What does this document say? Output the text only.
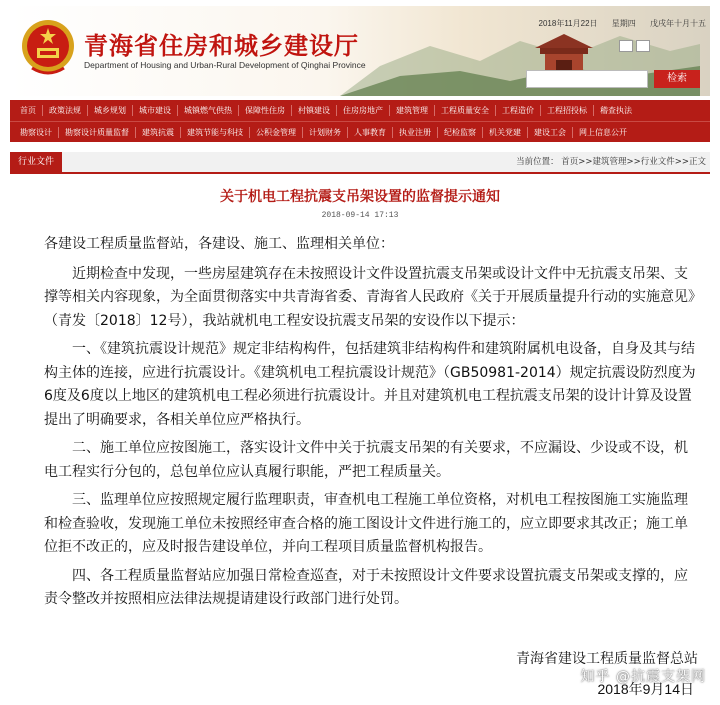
青海省住房和城乡建设厅
Department of Housing and Urban-Rural Development of Qinghai Province
2018年11月22日 星期四 戊戌年十月十五
检索
首页	政策法规	城乡规划	城市建设	城镇燃气供热	保障性住房	村镇建设	住房房地产	建筑管理	工程质量安全	工程造价	工程招投标	稽查执法
勘察设计	勘察设计质量监督	建筑抗震	建筑节能与科技	公积金管理	计划财务	人事教育	执业注册	纪检监察	机关党建	建设工会	网上信息公开
行业文件	当前位置： 首页>>建筑管理>>行业文件>>正文
关于机电工程抗震支吊架设置的监督提示通知
2018-09-14 17:13

各建设工程质量监督站，各建设、施工、监理相关单位：

近期检查中发现，一些房屋建筑存在未按照设计文件设置抗震支吊架或设计文件中无抗震支吊架、支撑等相关内容现象，为全面贯彻落实中共青海省委、青海省人民政府《关于开展质量提升行动的实施意见》（青发〔2018〕12号），我站就机电工程安设抗震支吊架的安设作以下提示：

一、《建筑抗震设计规范》规定非结构构件，包括建筑非结构构件和建筑附属机电设备，自身及其与结构主体的连接，应进行抗震设计。《建筑机电工程抗震设计规范》（GB50981-2014）规定抗震设防烈度为6度及6度以上地区的建筑机电工程必须进行抗震设计。并且对建筑机电工程抗震支吊架的设计计算及设置提出了明确要求，各相关单位应严格执行。

二、施工单位应按图施工，落实设计文件中关于抗震支吊架的有关要求，不应漏设、少设或不设，机电工程实行分包的，总包单位应认真履行职能，严把工程质量关。

三、监理单位应按照规定履行监理职责，审查机电工程施工单位资格，对机电工程按图施工实施监理和检查验收，发现施工单位未按照经审查合格的施工图设计文件进行施工的，应立即要求其改正；施工单位拒不改正的，应及时报告建设单位，并向工程项目质量监督机构报告。

四、各工程质量监督站应加强日常检查巡查，对于未按照设计文件要求设置抗震支吊架或支撑的，应责令整改并按照相应法律法规提请建设行政部门进行处罚。

青海省建设工程质量监督总站
知乎 @抗震支架网
2018年9月14日
